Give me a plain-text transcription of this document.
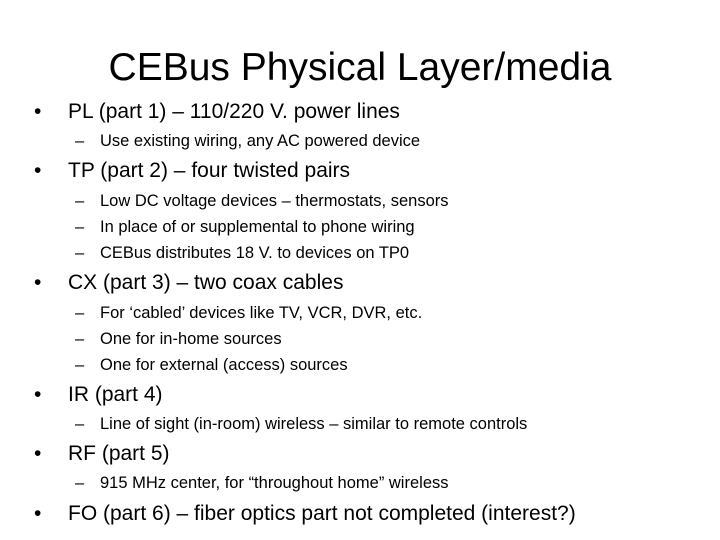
CEBus Physical Layer/media
• PL (part 1) – 110/220 V. power lines
– Use existing wiring, any AC powered device
• TP (part 2) – four twisted pairs
– Low DC voltage devices – thermostats, sensors
– In place of or supplemental to phone wiring
– CEBus distributes 18 V. to devices on TP0
• CX (part 3) – two coax cables
– For ‘cabled’ devices like TV, VCR, DVR, etc.
– One for in-home sources
– One for external (access) sources
• IR (part 4)
– Line of sight (in-room) wireless – similar to remote controls
• RF (part 5)
– 915 MHz center, for “throughout home” wireless
• FO (part 6) – fiber optics part not completed (interest?)
